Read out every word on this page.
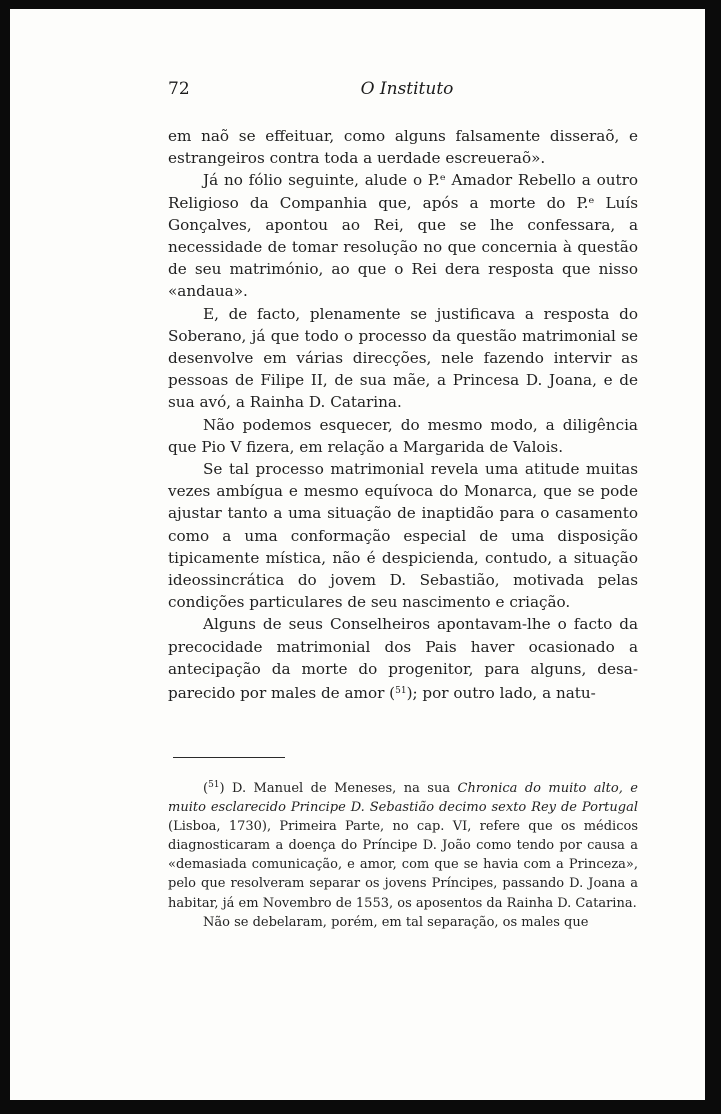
72	O Instituto

em naõ se effeituar, como alguns falsamente disseraõ, e estrangeiros contra toda a uerdade escreueraõ».

Já no fólio seguinte, alude o P.ᵉ Amador Rebello a outro Religioso da Companhia que, após a morte do P.ᵉ Luís Gonçalves, apontou ao Rei, que se lhe confessara, a necessidade de tomar resolução no que concernia à questão de seu matrimónio, ao que o Rei dera resposta que nisso «andaua».

E, de facto, plenamente se justificava a resposta do Soberano, já que todo o processo da questão matrimonial se desenvolve em várias direcções, nele fazendo intervir as pessoas de Filipe II, de sua mãe, a Princesa D. Joana, e de sua avó, a Rainha D. Catarina.

Não podemos esquecer, do mesmo modo, a diligência que Pio V fizera, em relação a Margarida de Valois.

Se tal processo matrimonial revela uma atitude muitas vezes ambígua e mesmo equívoca do Monarca, que se pode ajustar tanto a uma situação de inaptidão para o casamento como a uma conformação especial de uma disposição tipicamente mística, não é despicienda, contudo, a situação ideossincrática do jovem D. Sebastião, motivada pelas condições particulares de seu nascimento e criação.

Alguns de seus Conselheiros apontavam-lhe o facto da precocidade matrimonial dos Pais haver ocasionado a antecipação da morte do progenitor, para alguns, desaparecido por males de amor ($^{51}$); por outro lado, a natu-

($^{51}$) D. Manuel de Meneses, na sua Chronica do muito alto, e muito esclarecido Principe D. Sebastião decimo sexto Rey de Portugal (Lisboa, 1730), Primeira Parte, no cap. VI, refere que os médicos diagnosticaram a doença do Príncipe D. João como tendo por causa a «demasiada comunicação, e amor, com que se havia com a Princeza», pelo que resolveram separar os jovens Príncipes, passando D. Joana a habitar, já em Novembro de 1553, os aposentos da Rainha D. Catarina.

Não se debelaram, porém, em tal separação, os males que
